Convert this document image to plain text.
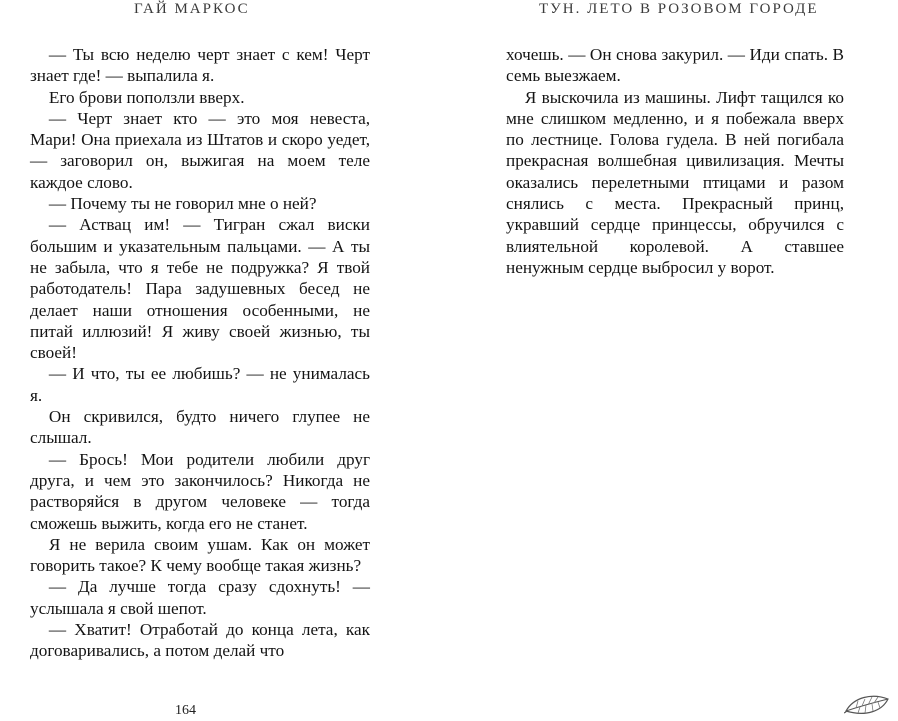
ГАЙ МАРКОС

— Ты всю неделю черт знает с кем! Черт знает где! — выпалила я.

Его брови поползли вверх.

— Черт знает кто — это моя невеста, Мари! Она приехала из Штатов и скоро уедет, — заговорил он, выжигая на моем теле каждое слово.

— Почему ты не говорил мне о ней?

— Аствац им! — Тигран сжал виски большим и указательным пальцами. — А ты не забыла, что я тебе не подружка? Я твой работодатель! Пара задушевных бесед не делает наши отношения особенными, не питай иллюзий! Я живу своей жизнью, ты своей!

— И что, ты ее любишь? — не унималась я.

Он скривился, будто ничего глупее не слышал.

— Брось! Мои родители любили друг друга, и чем это закончилось? Никогда не растворяйся в другом человеке — тогда сможешь выжить, когда его не станет.

Я не верила своим ушам. Как он может говорить такое? К чему вообще такая жизнь?

— Да лучше тогда сразу сдохнуть! — услышала я свой шепот.

— Хватит! Отработай до конца лета, как договаривались, а потом делай что

164
ТУН. ЛЕТО В РОЗОВОМ ГОРОДЕ

хочешь. — Он снова закурил. — Иди спать. В семь выезжаем.

Я выскочила из машины. Лифт тащился ко мне слишком медленно, и я побежала вверх по лестнице. Голова гудела. В ней погибала прекрасная волшебная цивилизация. Мечты оказались перелетными птицами и разом снялись с места. Прекрасный принц, укравший сердце принцессы, обручился с влиятельной королевой. А ставшее ненужным сердце выбросил у ворот.
